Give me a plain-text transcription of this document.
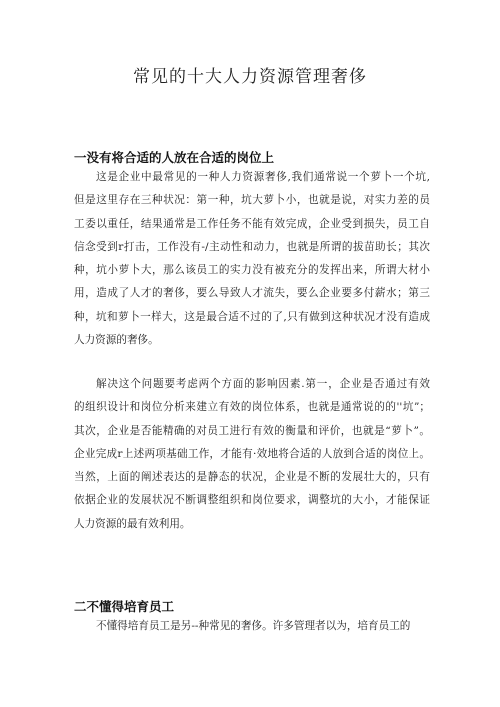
常见的十大人力资源管理奢侈
一没有将合适的人放在合适的岗位上
这是企业中最常见的一种人力资源奢侈,我们通常说一个萝卜一个坑,
但是这里存在三种状况：第一种，坑大萝卜小，也就是说，对实力差的员
工委以重任，结果通常是工作任务不能有效完成，企业受到损失，员工自
信念受到r打击，工作没有-/主动性和动力，也就是所谓的拔苗助长；其次
种，坑小萝卜大，那么该员工的实力没有被充分的发挥出来，所谓大材小
用，造成了人才的奢侈，要么导致人才流失，要么企业要多付薪水；第三
种，坑和萝卜一样大，这是最合适不过的了,只有做到这种状况才没有造成
人力资源的奢侈。
解决这个问题要考虑两个方面的影响因素.第一，企业是否通过有效
的组织设计和岗位分析来建立有效的岗位体系，也就是通常说的的''坑”；
其次，企业是否能精确的对员工进行有效的衡量和评价，也就是“萝卜”。
企业完成r上述两项基础工作，才能有·效地将合适的人放到合适的岗位上。
当然，上面的阐述表达的是静态的状况，企业是不断的发展壮大的，只有
依据企业的发展状况不断调整组织和岗位要求，调整坑的大小，才能保证
人力资源的最有效利用。
二不懂得培育员工
不懂得培育员工是另--种常见的奢侈。许多管理者以为，培育员工的
